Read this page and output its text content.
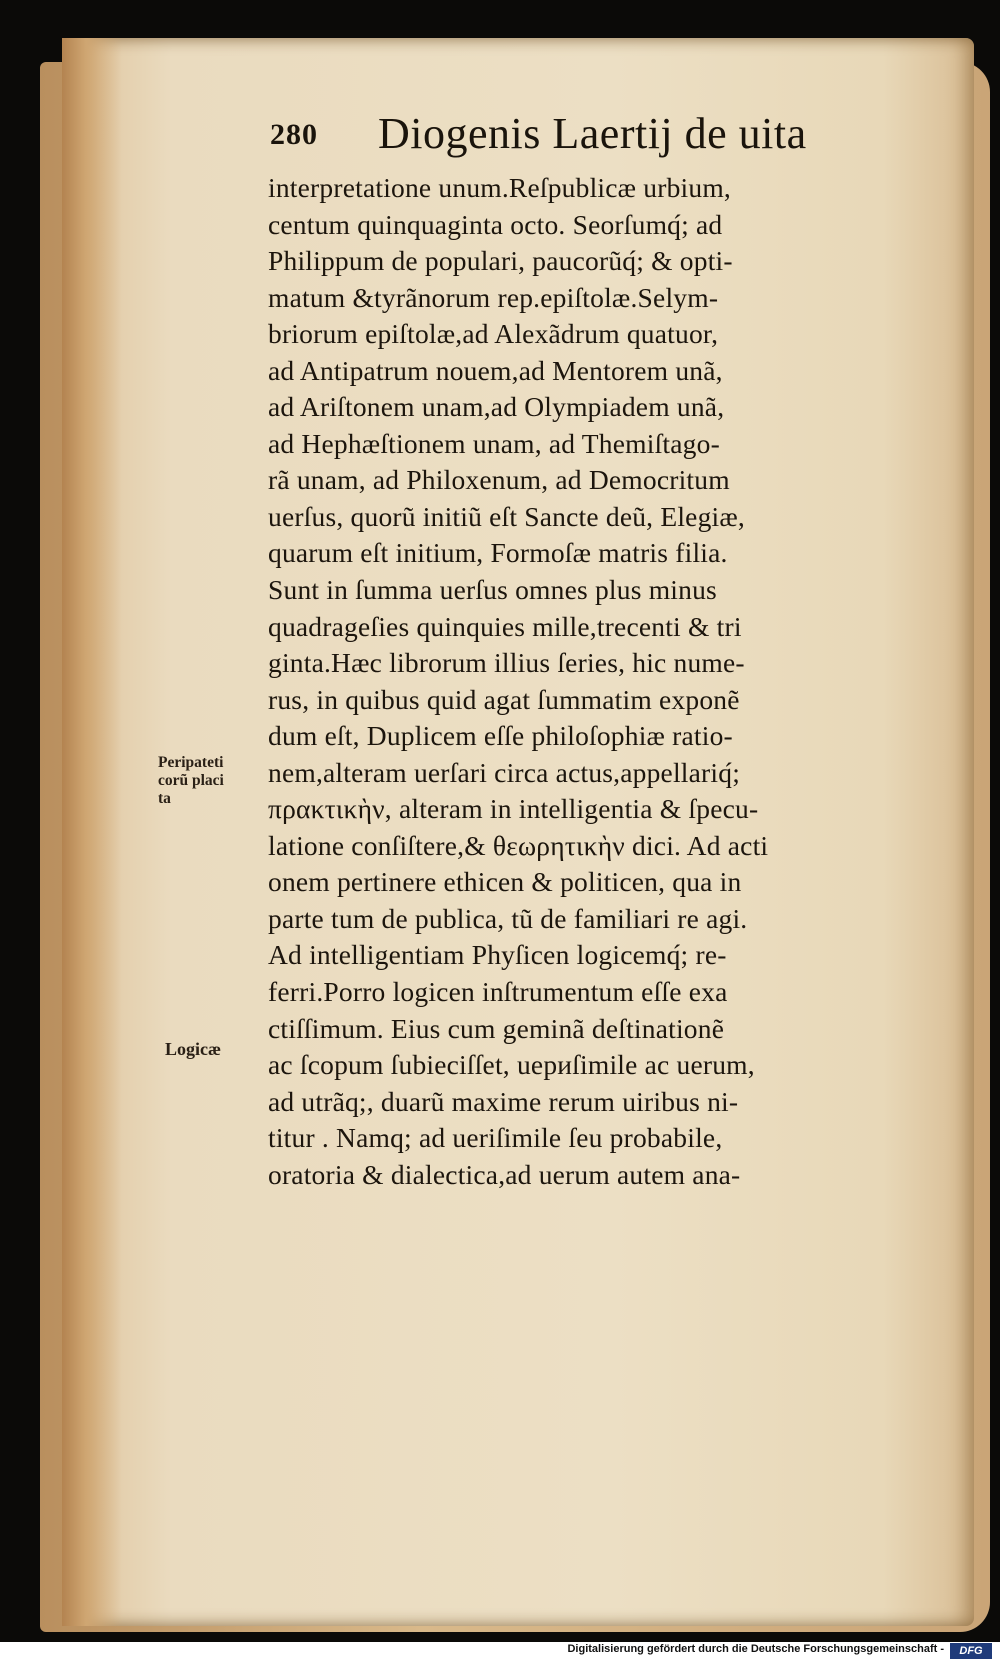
280 Diogenis Laertij de uita
Peripateti
corũ placi
ta
Logicæ
interpretatione unum.Reſpublicæ urbium,
centum quinquaginta octo. Seorſumq́; ad
Philippum de populari, paucorũq́; & opti-
matum &tyrãnorum rep.epiſtolæ.Selym-
briorum epiſtolæ,ad Alexãdrum quatuor,
ad Antipatrum nouem,ad Mentorem unã,
ad Ariſtonem unam,ad Olympiadem unã,
ad Hephæſtionem unam, ad Themiſtago-
rã unam, ad Philoxenum, ad Democritum
uerſus, quorũ initiũ eſt Sancte deũ, Elegiæ,
quarum eſt initium, Formoſæ matris filia.
Sunt in ſumma uerſus omnes plus minus
quadrageſies quinquies mille,trecenti & tri
ginta.Hæc librorum illius ſeries, hic nume-
rus, in quibus quid agat ſummatim exponẽ
dum eſt, Duplicem eſſe philoſophiæ ratio-
nem,alteram uerſari circa actus,appellariq́;
πρακτικὴν, alteram in intelligentia & ſpecu-
latione conſiſtere,& θεωρητικὴν dici. Ad acti
onem pertinere ethicen & politicen, qua in
parte tum de publica, tũ de familiari re agi.
Ad intelligentiam Phyſicen logicemq́; re-
ferri.Porro logicen inſtrumentum eſſe exa
ctiſſimum. Eius cum geminã deſtinationẽ
ac ſcopum ſubieciſſet, uериſimile ac uerum,
ad utrãq;, duarũ maxime rerum uiribus ni-
titur . Namq; ad ueriſimile ſeu probabile,
oratoria & dialectica,ad uerum autem ana-
Digitalisierung gefördert durch die Deutsche Forschungsgemeinschaft -	DFG
